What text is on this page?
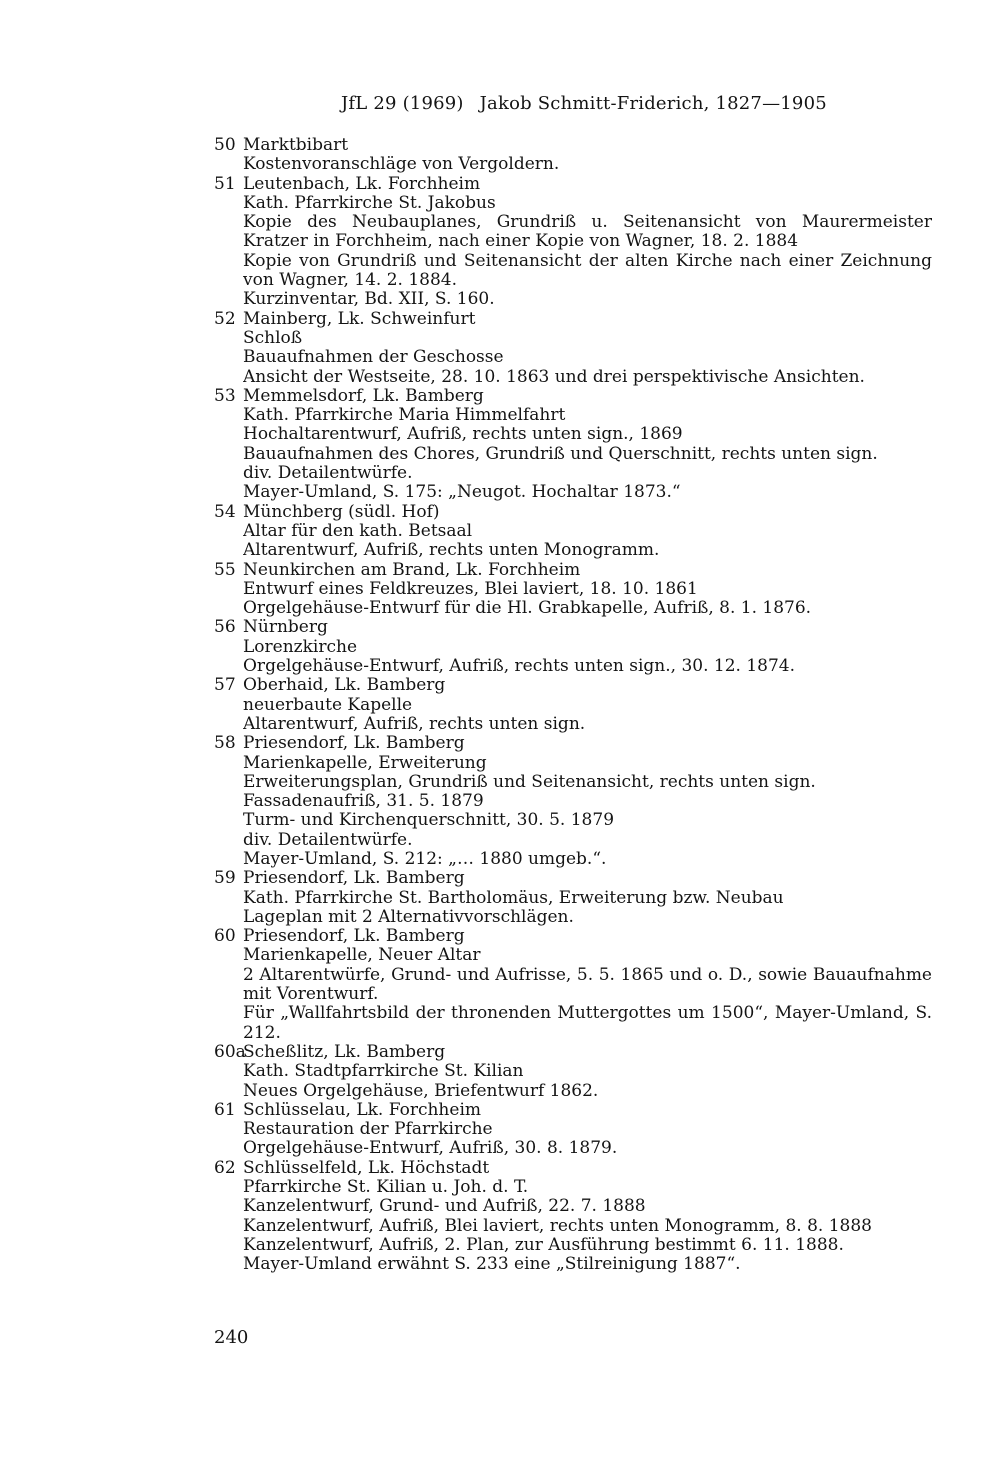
JfL 29 (1969) Jakob Schmitt-Friderich, 1827—1905
50 Marktbibart
Kostenvoranschläge von Vergoldern.
51 Leutenbach, Lk. Forchheim
Kath. Pfarrkirche St. Jakobus
Kopie des Neubauplanes, Grundriß u. Seitenansicht von Maurermeister Kratzer in Forchheim, nach einer Kopie von Wagner, 18. 2. 1884
Kopie von Grundriß und Seitenansicht der alten Kirche nach einer Zeichnung von Wagner, 14. 2. 1884.
Kurzinventar, Bd. XII, S. 160.
52 Mainberg, Lk. Schweinfurt
Schloß
Bauaufnahmen der Geschosse
Ansicht der Westseite, 28. 10. 1863 und drei perspektivische Ansichten.
53 Memmelsdorf, Lk. Bamberg
Kath. Pfarrkirche Maria Himmelfahrt
Hochaltarentwurf, Aufriß, rechts unten sign., 1869
Bauaufnahmen des Chores, Grundriß und Querschnitt, rechts unten sign.
div. Detailentwürfe.
Mayer-Umland, S. 175: „Neugot. Hochaltar 1873.“
54 Münchberg (südl. Hof)
Altar für den kath. Betsaal
Altarentwurf, Aufriß, rechts unten Monogramm.
55 Neunkirchen am Brand, Lk. Forchheim
Entwurf eines Feldkreuzes, Blei laviert, 18. 10. 1861
Orgelgehäuse-Entwurf für die Hl. Grabkapelle, Aufriß, 8. 1. 1876.
56 Nürnberg
Lorenzkirche
Orgelgehäuse-Entwurf, Aufriß, rechts unten sign., 30. 12. 1874.
57 Oberhaid, Lk. Bamberg
neuerbaute Kapelle
Altarentwurf, Aufriß, rechts unten sign.
58 Priesendorf, Lk. Bamberg
Marienkapelle, Erweiterung
Erweiterungsplan, Grundriß und Seitenansicht, rechts unten sign.
Fassadenaufriß, 31. 5. 1879
Turm- und Kirchenquerschnitt, 30. 5. 1879
div. Detailentwürfe.
Mayer-Umland, S. 212: „… 1880 umgeb.“.
59 Priesendorf, Lk. Bamberg
Kath. Pfarrkirche St. Bartholomäus, Erweiterung bzw. Neubau
Lageplan mit 2 Alternativvorschlägen.
60 Priesendorf, Lk. Bamberg
Marienkapelle, Neuer Altar
2 Altarentwürfe, Grund- und Aufrisse, 5. 5. 1865 und o. D., sowie Bauaufnahme mit Vorentwurf.
Für „Wallfahrtsbild der thronenden Muttergottes um 1500“, Mayer-Umland, S. 212.
60a
Scheßlitz, Lk. Bamberg
Kath. Stadtpfarrkirche St. Kilian
Neues Orgelgehäuse, Briefentwurf 1862.
61 Schlüsselau, Lk. Forchheim
Restauration der Pfarrkirche
Orgelgehäuse-Entwurf, Aufriß, 30. 8. 1879.
62 Schlüsselfeld, Lk. Höchstadt
Pfarrkirche St. Kilian u. Joh. d. T.
Kanzelentwurf, Grund- und Aufriß, 22. 7. 1888
Kanzelentwurf, Aufriß, Blei laviert, rechts unten Monogramm, 8. 8. 1888
Kanzelentwurf, Aufriß, 2. Plan, zur Ausführung bestimmt 6. 11. 1888.
Mayer-Umland erwähnt S. 233 eine „Stilreinigung 1887“.
240
